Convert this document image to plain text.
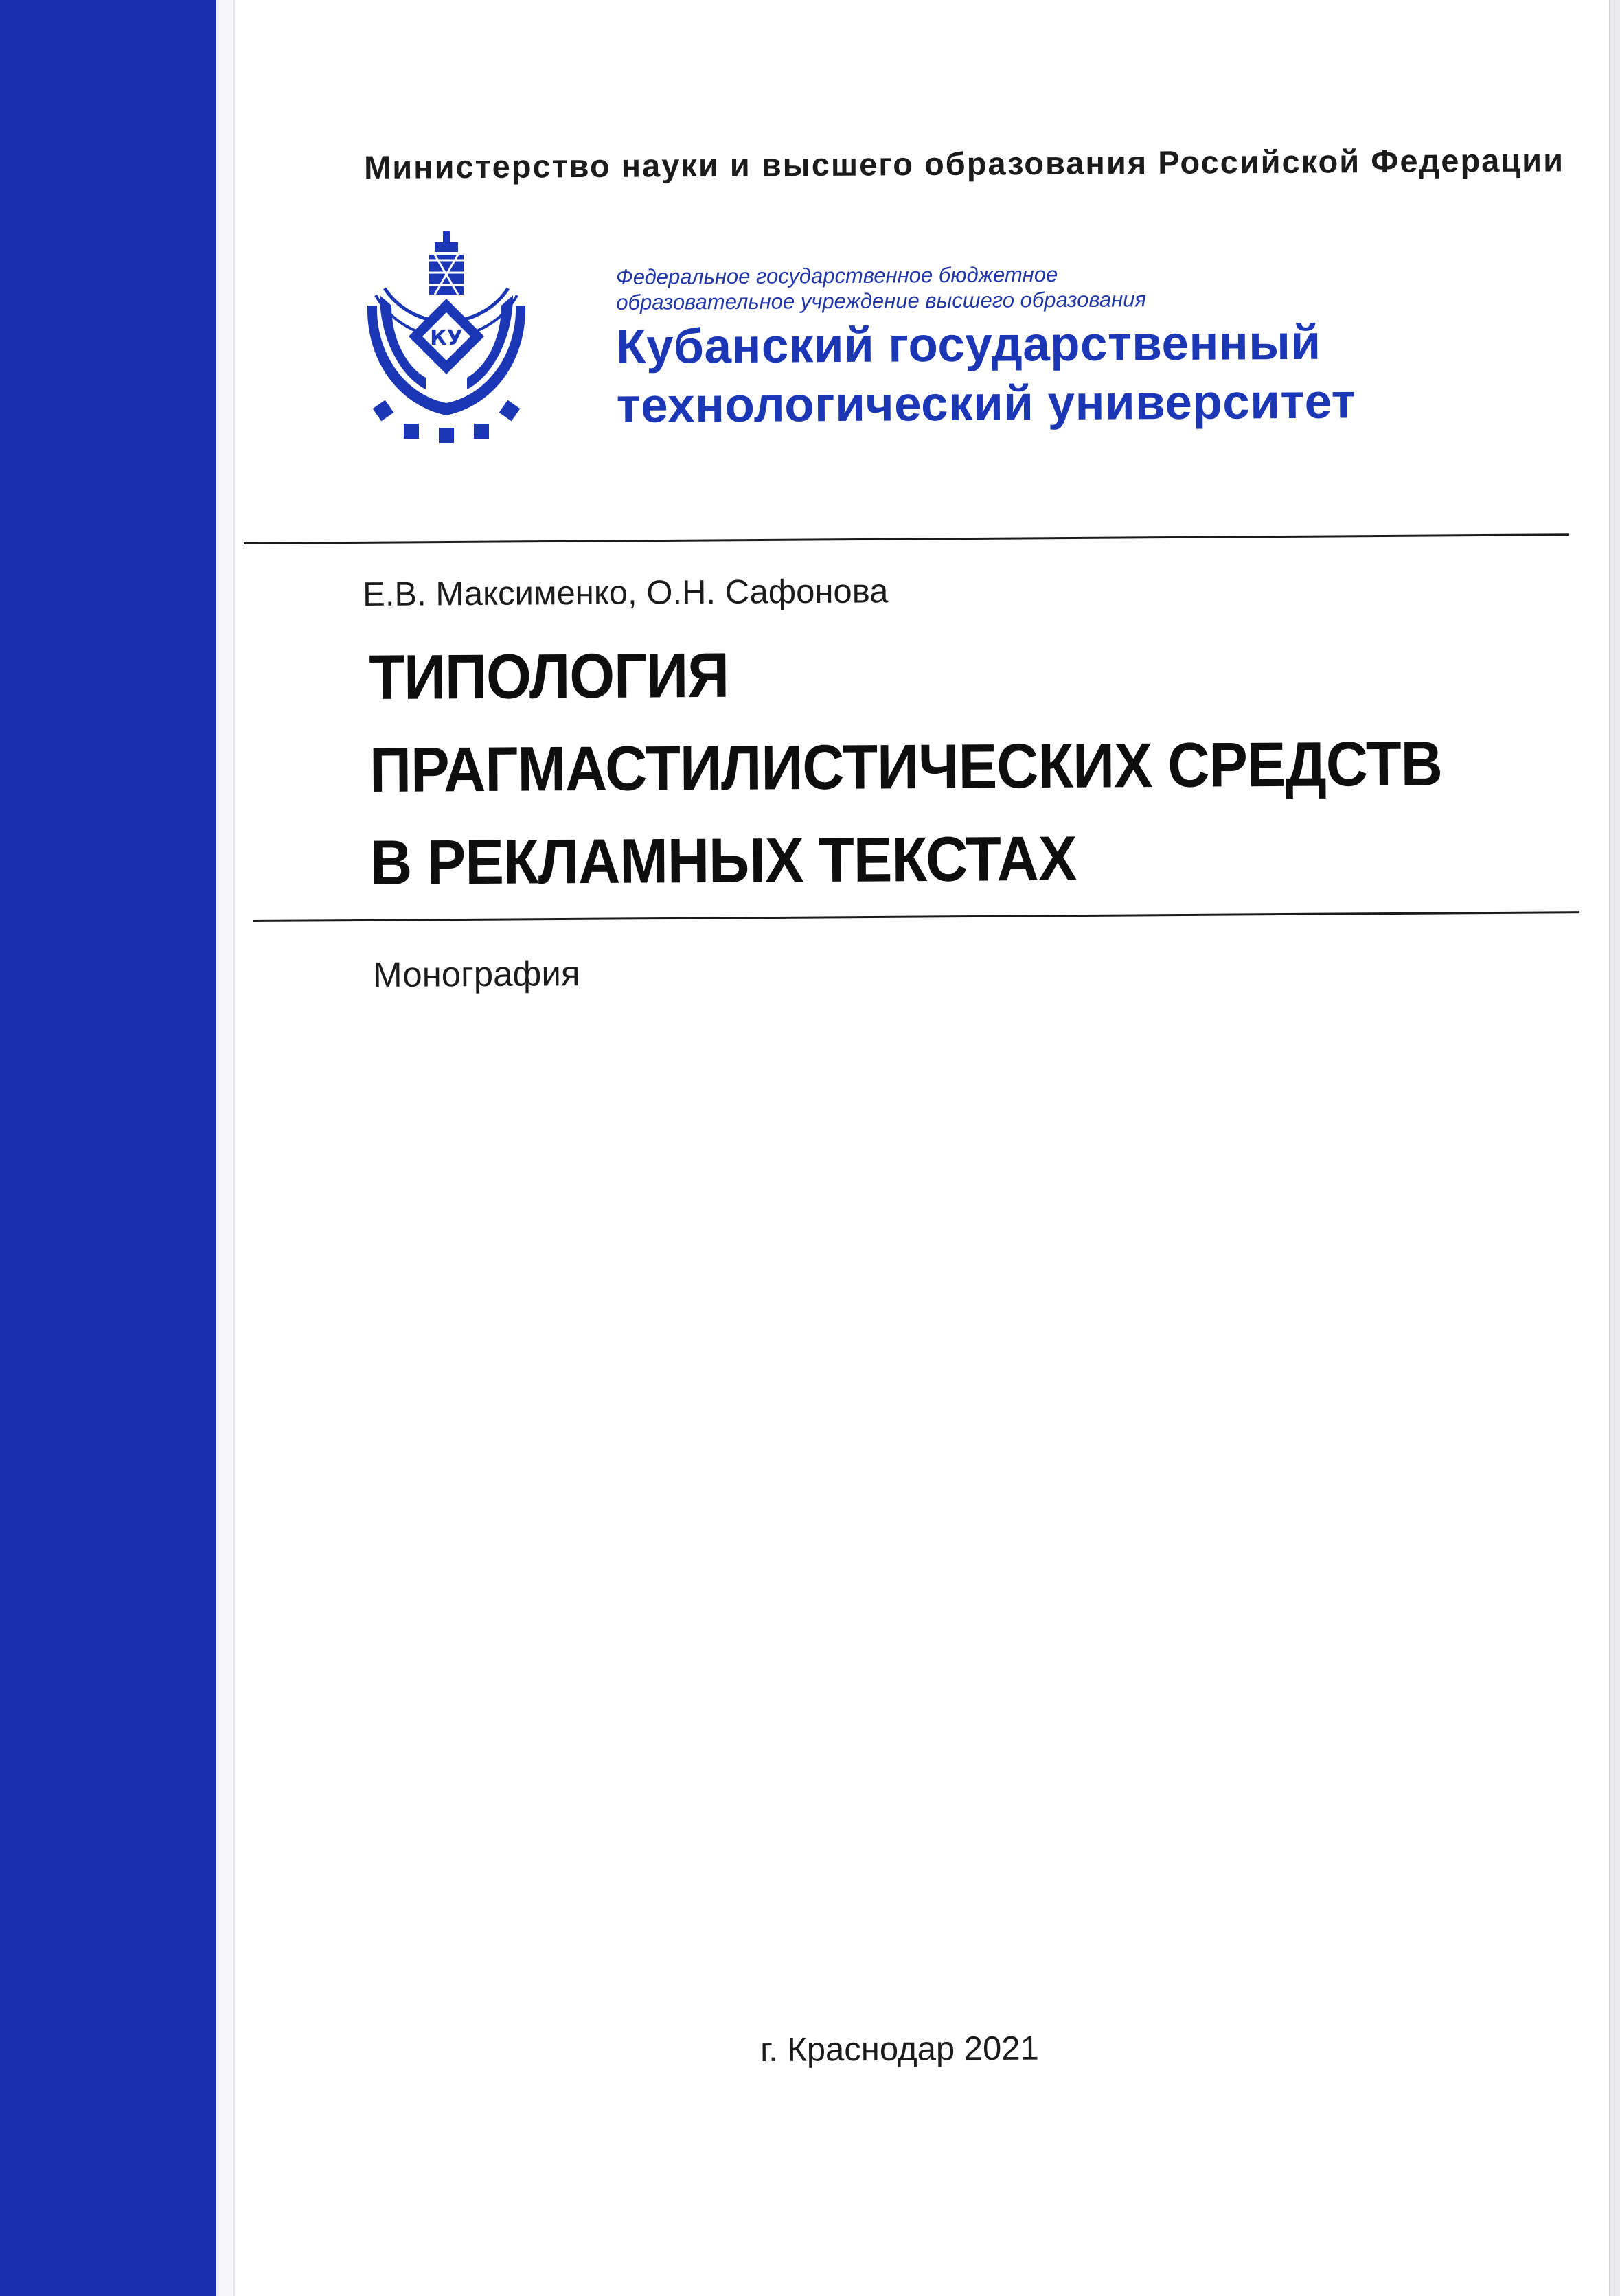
Министерство науки и высшего образования Российской Федерации
КУ
Федеральное государственное бюджетное
образовательное учреждение высшего образования
Кубанский государственный
технологический университет
Е.В. Максименко, О.Н. Сафонова
ТИПОЛОГИЯ
ПРАГМАСТИЛИСТИЧЕСКИХ СРЕДСТВ
В РЕКЛАМНЫХ ТЕКСТАХ
Монография
г. Краснодар 2021
